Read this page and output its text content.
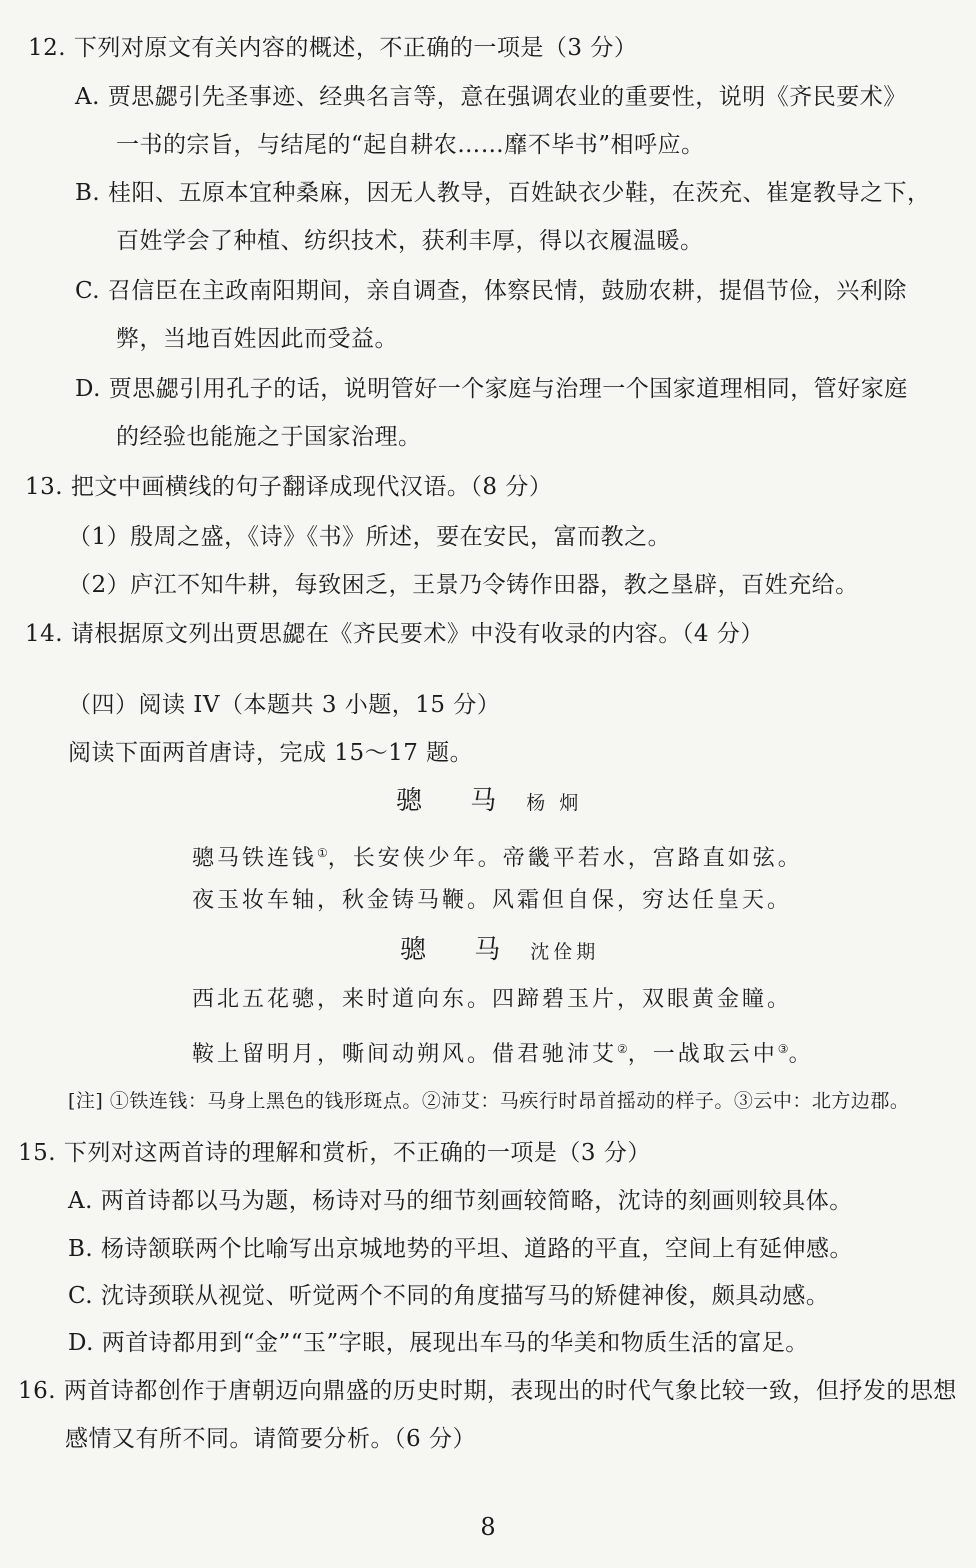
12. 下列对原文有关内容的概述，不正确的一项是（3 分）
A. 贾思勰引先圣事迹、经典名言等，意在强调农业的重要性，说明《齐民要术》
一书的宗旨，与结尾的“起自耕农……靡不毕书”相呼应。
B. 桂阳、五原本宜种桑麻，因无人教导，百姓缺衣少鞋，在茨充、崔寔教导之下，
百姓学会了种植、纺织技术，获利丰厚，得以衣履温暖。
C. 召信臣在主政南阳期间，亲自调查，体察民情，鼓励农耕，提倡节俭，兴利除
弊，当地百姓因此而受益。
D. 贾思勰引用孔子的话，说明管好一个家庭与治理一个国家道理相同，管好家庭
的经验也能施之于国家治理。
13. 把文中画横线的句子翻译成现代汉语。（8 分）
（1）殷周之盛，《诗》《书》所述，要在安民，富而教之。
（2）庐江不知牛耕，每致困乏，王景乃令铸作田器，教之垦辟，百姓充给。
14. 请根据原文列出贾思勰在《齐民要术》中没有收录的内容。（4 分）
（四）阅读 IV（本题共 3 小题，15 分）
阅读下面两首唐诗，完成 15～17 题。
骢 马 杨 炯
骢马铁连钱①，长安侠少年。帝畿平若水，宫路直如弦。
夜玉妆车轴，秋金铸马鞭。风霜但自保，穷达任皇天。
骢 马 沈佺期
西北五花骢，来时道向东。四蹄碧玉片，双眼黄金瞳。
鞍上留明月，嘶间动朔风。借君驰沛艾②，一战取云中③。
[注] ①铁连钱：马身上黑色的钱形斑点。②沛艾：马疾行时昂首摇动的样子。③云中：北方边郡。
15. 下列对这两首诗的理解和赏析，不正确的一项是（3 分）
A. 两首诗都以马为题，杨诗对马的细节刻画较简略，沈诗的刻画则较具体。
B. 杨诗颔联两个比喻写出京城地势的平坦、道路的平直，空间上有延伸感。
C. 沈诗颈联从视觉、听觉两个不同的角度描写马的矫健神俊，颇具动感。
D. 两首诗都用到“金”“玉”字眼，展现出车马的华美和物质生活的富足。
16. 两首诗都创作于唐朝迈向鼎盛的历史时期，表现出的时代气象比较一致，但抒发的思想
感情又有所不同。请简要分析。（6 分）
8
